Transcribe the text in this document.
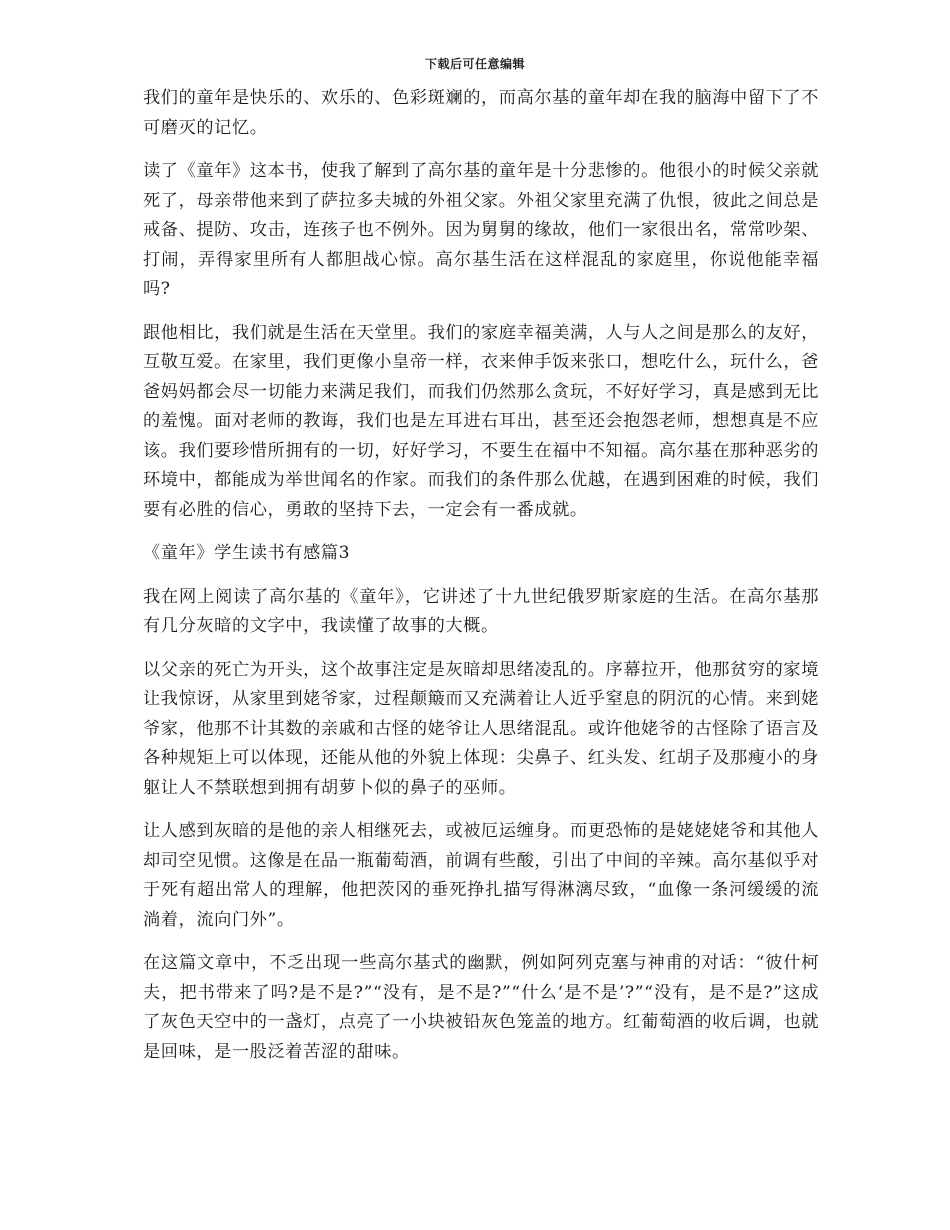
下载后可任意编辑

我们的童年是快乐的、欢乐的、色彩斑斓的，而高尔基的童年却在我的脑海中留下了不可磨灭的记忆。

读了《童年》这本书，使我了解到了高尔基的童年是十分悲惨的。他很小的时候父亲就死了，母亲带他来到了萨拉多夫城的外祖父家。外祖父家里充满了仇恨，彼此之间总是戒备、提防、攻击，连孩子也不例外。因为舅舅的缘故，他们一家很出名，常常吵架、打闹，弄得家里所有人都胆战心惊。高尔基生活在这样混乱的家庭里，你说他能幸福吗?

跟他相比，我们就是生活在天堂里。我们的家庭幸福美满，人与人之间是那么的友好，互敬互爱。在家里，我们更像小皇帝一样，衣来伸手饭来张口，想吃什么，玩什么，爸爸妈妈都会尽一切能力来满足我们，而我们仍然那么贪玩，不好好学习，真是感到无比的羞愧。面对老师的教诲，我们也是左耳进右耳出，甚至还会抱怨老师，想想真是不应该。我们要珍惜所拥有的一切，好好学习，不要生在福中不知福。高尔基在那种恶劣的环境中，都能成为举世闻名的作家。而我们的条件那么优越，在遇到困难的时候，我们要有必胜的信心，勇敢的坚持下去，一定会有一番成就。

《童年》学生读书有感篇3

我在网上阅读了高尔基的《童年》，它讲述了十九世纪俄罗斯家庭的生活。在高尔基那有几分灰暗的文字中，我读懂了故事的大概。

以父亲的死亡为开头，这个故事注定是灰暗却思绪凌乱的。序幕拉开，他那贫穷的家境让我惊讶，从家里到姥爷家，过程颠簸而又充满着让人近乎窒息的阴沉的心情。来到姥爷家，他那不计其数的亲戚和古怪的姥爷让人思绪混乱。或许他姥爷的古怪除了语言及各种规矩上可以体现，还能从他的外貌上体现：尖鼻子、红头发、红胡子及那瘦小的身躯让人不禁联想到拥有胡萝卜似的鼻子的巫师。

让人感到灰暗的是他的亲人相继死去，或被厄运缠身。而更恐怖的是姥姥姥爷和其他人却司空见惯。这像是在品一瓶葡萄酒，前调有些酸，引出了中间的辛辣。高尔基似乎对于死有超出常人的理解，他把茨冈的垂死挣扎描写得淋漓尽致，“血像一条河缓缓的流淌着，流向门外”。

在这篇文章中，不乏出现一些高尔基式的幽默，例如阿列克塞与神甫的对话：“彼什柯夫，把书带来了吗?是不是?”“没有，是不是?”“什么‘是不是’?”“没有，是不是?”这成了灰色天空中的一盏灯，点亮了一小块被铅灰色笼盖的地方。红葡萄酒的收后调，也就是回味，是一股泛着苦涩的甜味。
